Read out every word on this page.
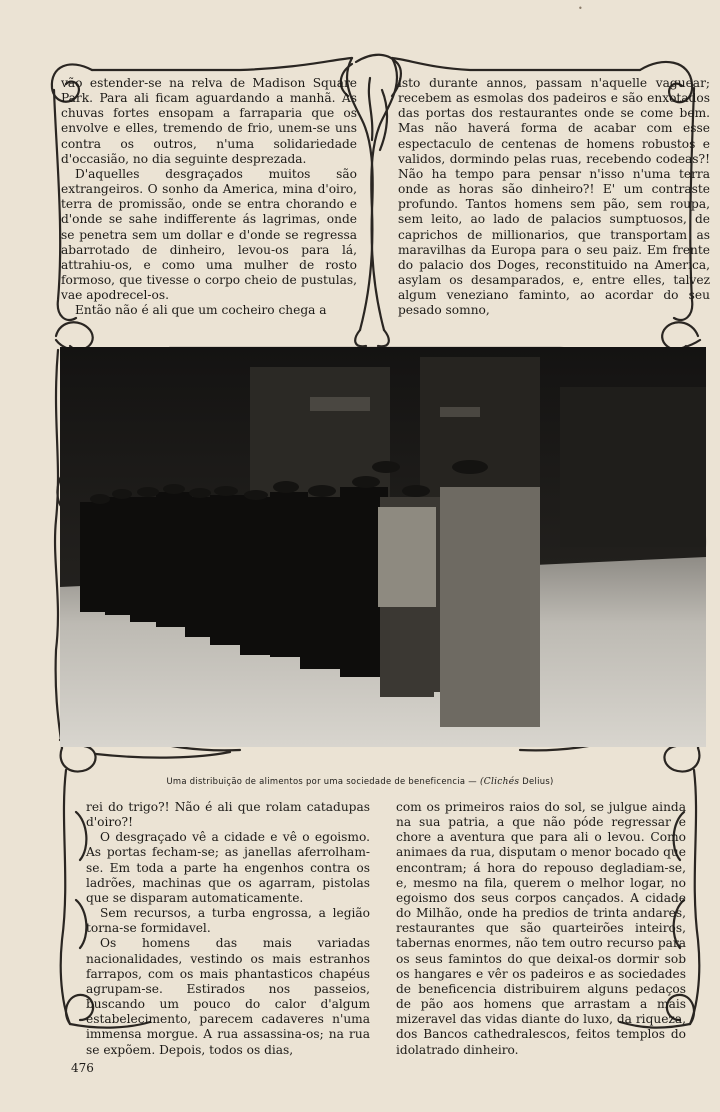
vão estender-se na relva de Madison Square Park. Para ali ficam aguardando a manhã. As chuvas fortes ensopam a farraparia que os envolve e elles, tremendo de frio, unem-se uns contra os outros, n'uma solidariedade d'occasião, no dia seguinte desprezada.

D'aquelles desgraçados muitos são extrangeiros. O sonho da America, mina d'oiro, terra de promissão, onde se entra chorando e d'onde se sahe indifferente ás lagrimas, onde se penetra sem um dollar e d'onde se regressa abarrotado de dinheiro, levou-os para lá, attrahiu-os, e como uma mulher de rosto formoso, que tivesse o corpo cheio de pustulas, vae apodrecel-os.

Então não é ali que um cocheiro chega a

isto durante annos, passam n'aquelle vaguear; recebem as esmolas dos padeiros e são enxotados das portas dos restaurantes onde se come bem. Mas não haverá forma de acabar com esse espectaculo de centenas de homens robustos e validos, dormindo pelas ruas, recebendo codeas?! Não ha tempo para pensar n'isso n'uma terra onde as horas são dinheiro?! E' um contraste profundo. Tantos homens sem pão, sem roupa, sem leito, ao lado de palacios sumptuosos, de caprichos de millionarios, que transportam as maravilhas da Europa para o seu paiz. Em frente do palacio dos Doges, reconstituido na America, asylam os desamparados, e, entre elles, talvez algum veneziano faminto, ao acordar do seu pesado somno,

Uma distribuição de alimentos por uma sociedade de beneficencia — (Clichés Delius)

rei do trigo?! Não é ali que rolam catadupas d'oiro?!

O desgraçado vê a cidade e vê o egoismo. As portas fecham-se; as janellas aferrolham-se. Em toda a parte ha engenhos contra os ladrões, machinas que os agarram, pistolas que se disparam automaticamente.

Sem recursos, a turba engrossa, a legião torna-se formidavel.

Os homens das mais variadas nacionalidades, vestindo os mais estranhos farrapos, com os mais phantasticos chapéus agrupam-se. Estirados nos passeios, buscando um pouco do calor d'algum estabelecimento, parecem cadaveres n'uma immensa morgue. A rua assassina-os; na rua se expõem. Depois, todos os dias,

com os primeiros raios do sol, se julgue ainda na sua patria, a que não póde regressar e chore a aventura que para ali o levou. Como animaes da rua, disputam o menor bocado que encontram; á hora do repouso degladiam-se, e, mesmo na fila, querem o melhor logar, no egoismo dos seus corpos cançados. A cidade do Milhão, onde ha predios de trinta andares, restaurantes que são quarteirões inteiros, tabernas enormes, não tem outro recurso para os seus famintos do que deixal-os dormir sob os hangares e vêr os padeiros e as sociedades de beneficencia distribuirem alguns pedaços de pão aos homens que arrastam a mais mizeravel das vidas diante do luxo, da riqueza, dos Bancos cathedralescos, feitos templos do idolatrado dinheiro.

476
•
